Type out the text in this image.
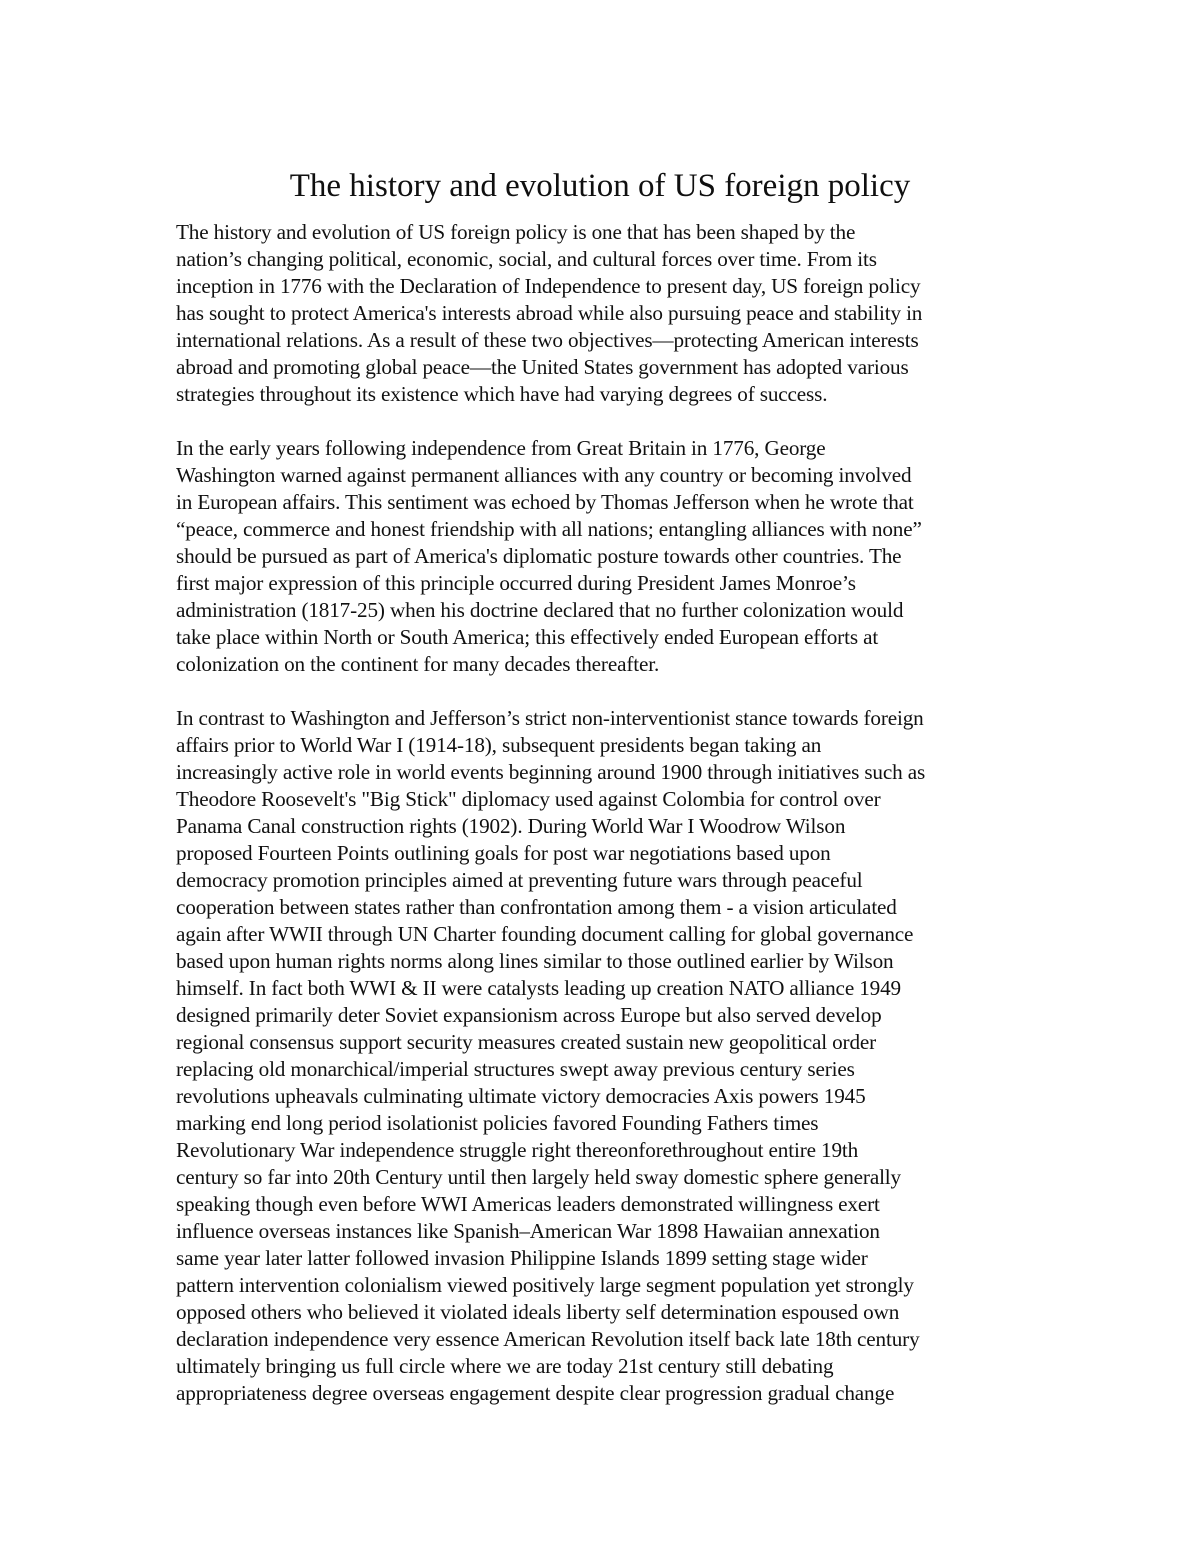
The history and evolution of US foreign policy
The history and evolution of US foreign policy is one that has been shaped by the
nation’s changing political, economic, social, and cultural forces over time. From its
inception in 1776 with the Declaration of Independence to present day, US foreign policy
has sought to protect America's interests abroad while also pursuing peace and stability in
international relations. As a result of these two objectives—protecting American interests
abroad and promoting global peace—the United States government has adopted various
strategies throughout its existence which have had varying degrees of success.
In the early years following independence from Great Britain in 1776, George
Washington warned against permanent alliances with any country or becoming involved
in European affairs. This sentiment was echoed by Thomas Jefferson when he wrote that
“peace, commerce and honest friendship with all nations; entangling alliances with none”
should be pursued as part of America's diplomatic posture towards other countries. The
first major expression of this principle occurred during President James Monroe’s
administration (1817-25) when his doctrine declared that no further colonization would
take place within North or South America; this effectively ended European efforts at
colonization on the continent for many decades thereafter.
In contrast to Washington and Jefferson’s strict non-interventionist stance towards foreign
affairs prior to World War I (1914-18), subsequent presidents began taking an
increasingly active role in world events beginning around 1900 through initiatives such as
Theodore Roosevelt's "Big Stick" diplomacy used against Colombia for control over
Panama Canal construction rights (1902). During World War I Woodrow Wilson
proposed Fourteen Points outlining goals for post war negotiations based upon
democracy promotion principles aimed at preventing future wars through peaceful
cooperation between states rather than confrontation among them - a vision articulated
again after WWII through UN Charter founding document calling for global governance
based upon human rights norms along lines similar to those outlined earlier by Wilson
himself. In fact both WWI & II were catalysts leading up creation NATO alliance 1949
designed primarily deter Soviet expansionism across Europe but also served develop
regional consensus support security measures created sustain new geopolitical order
replacing old monarchical/imperial structures swept away previous century series
revolutions upheavals culminating ultimate victory democracies Axis powers 1945
marking end long period isolationist policies favored Founding Fathers times
Revolutionary War independence struggle right thereonforethroughout entire 19th
century so far into 20th Century until then largely held sway domestic sphere generally
speaking though even before WWI Americas leaders demonstrated willingness exert
influence overseas instances like Spanish–American War 1898 Hawaiian annexation
same year later latter followed invasion Philippine Islands 1899 setting stage wider
pattern intervention colonialism viewed positively large segment population yet strongly
opposed others who believed it violated ideals liberty self determination espoused own
declaration independence very essence American Revolution itself back late 18th century
ultimately bringing us full circle where we are today 21st century still debating
appropriateness degree overseas engagement despite clear progression gradual change
